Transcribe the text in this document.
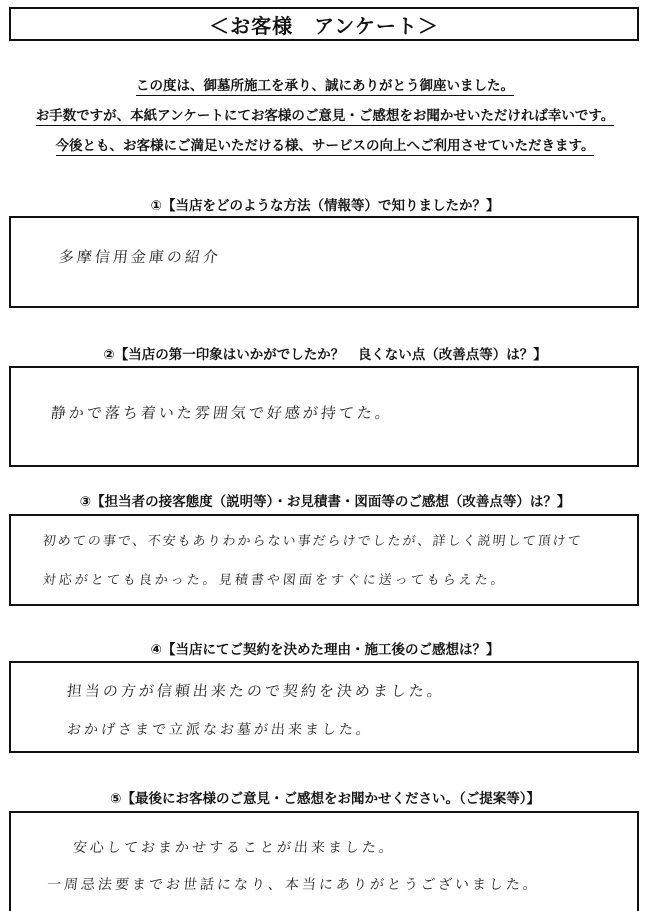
＜お客様　アンケート＞
この度は、御墓所施工を承り、誠にありがとう御座いました。
お手数ですが、本紙アンケートにてお客様のご意見・ご感想をお聞かせいただければ幸いです。
今後とも、お客様にご満足いただける様、サービスの向上へご利用させていただきます。
①【当店をどのような方法（情報等）で知りましたか？】
多摩信用金庫の紹介
②【当店の第一印象はいかがでしたか？　良くない点（改善点等）は？】
静かで落ち着いた雰囲気で好感が持てた。
③【担当者の接客態度（説明等）・お見積書・図面等のご感想（改善点等）は？】
初めての事で、不安もありわからない事だらけでしたが、詳しく説明して頂けて
対応がとても良かった。見積書や図面をすぐに送ってもらえた。
④【当店にてご契約を決めた理由・施工後のご感想は？】
担当の方が信頼出来たので契約を決めました。
おかげさまで立派なお墓が出来ました。
⑤【最後にお客様のご意見・ご感想をお聞かせください。（ご提案等）】
安心しておまかせすることが出来ました。
一周忌法要までお世話になり、本当にありがとうございました。
